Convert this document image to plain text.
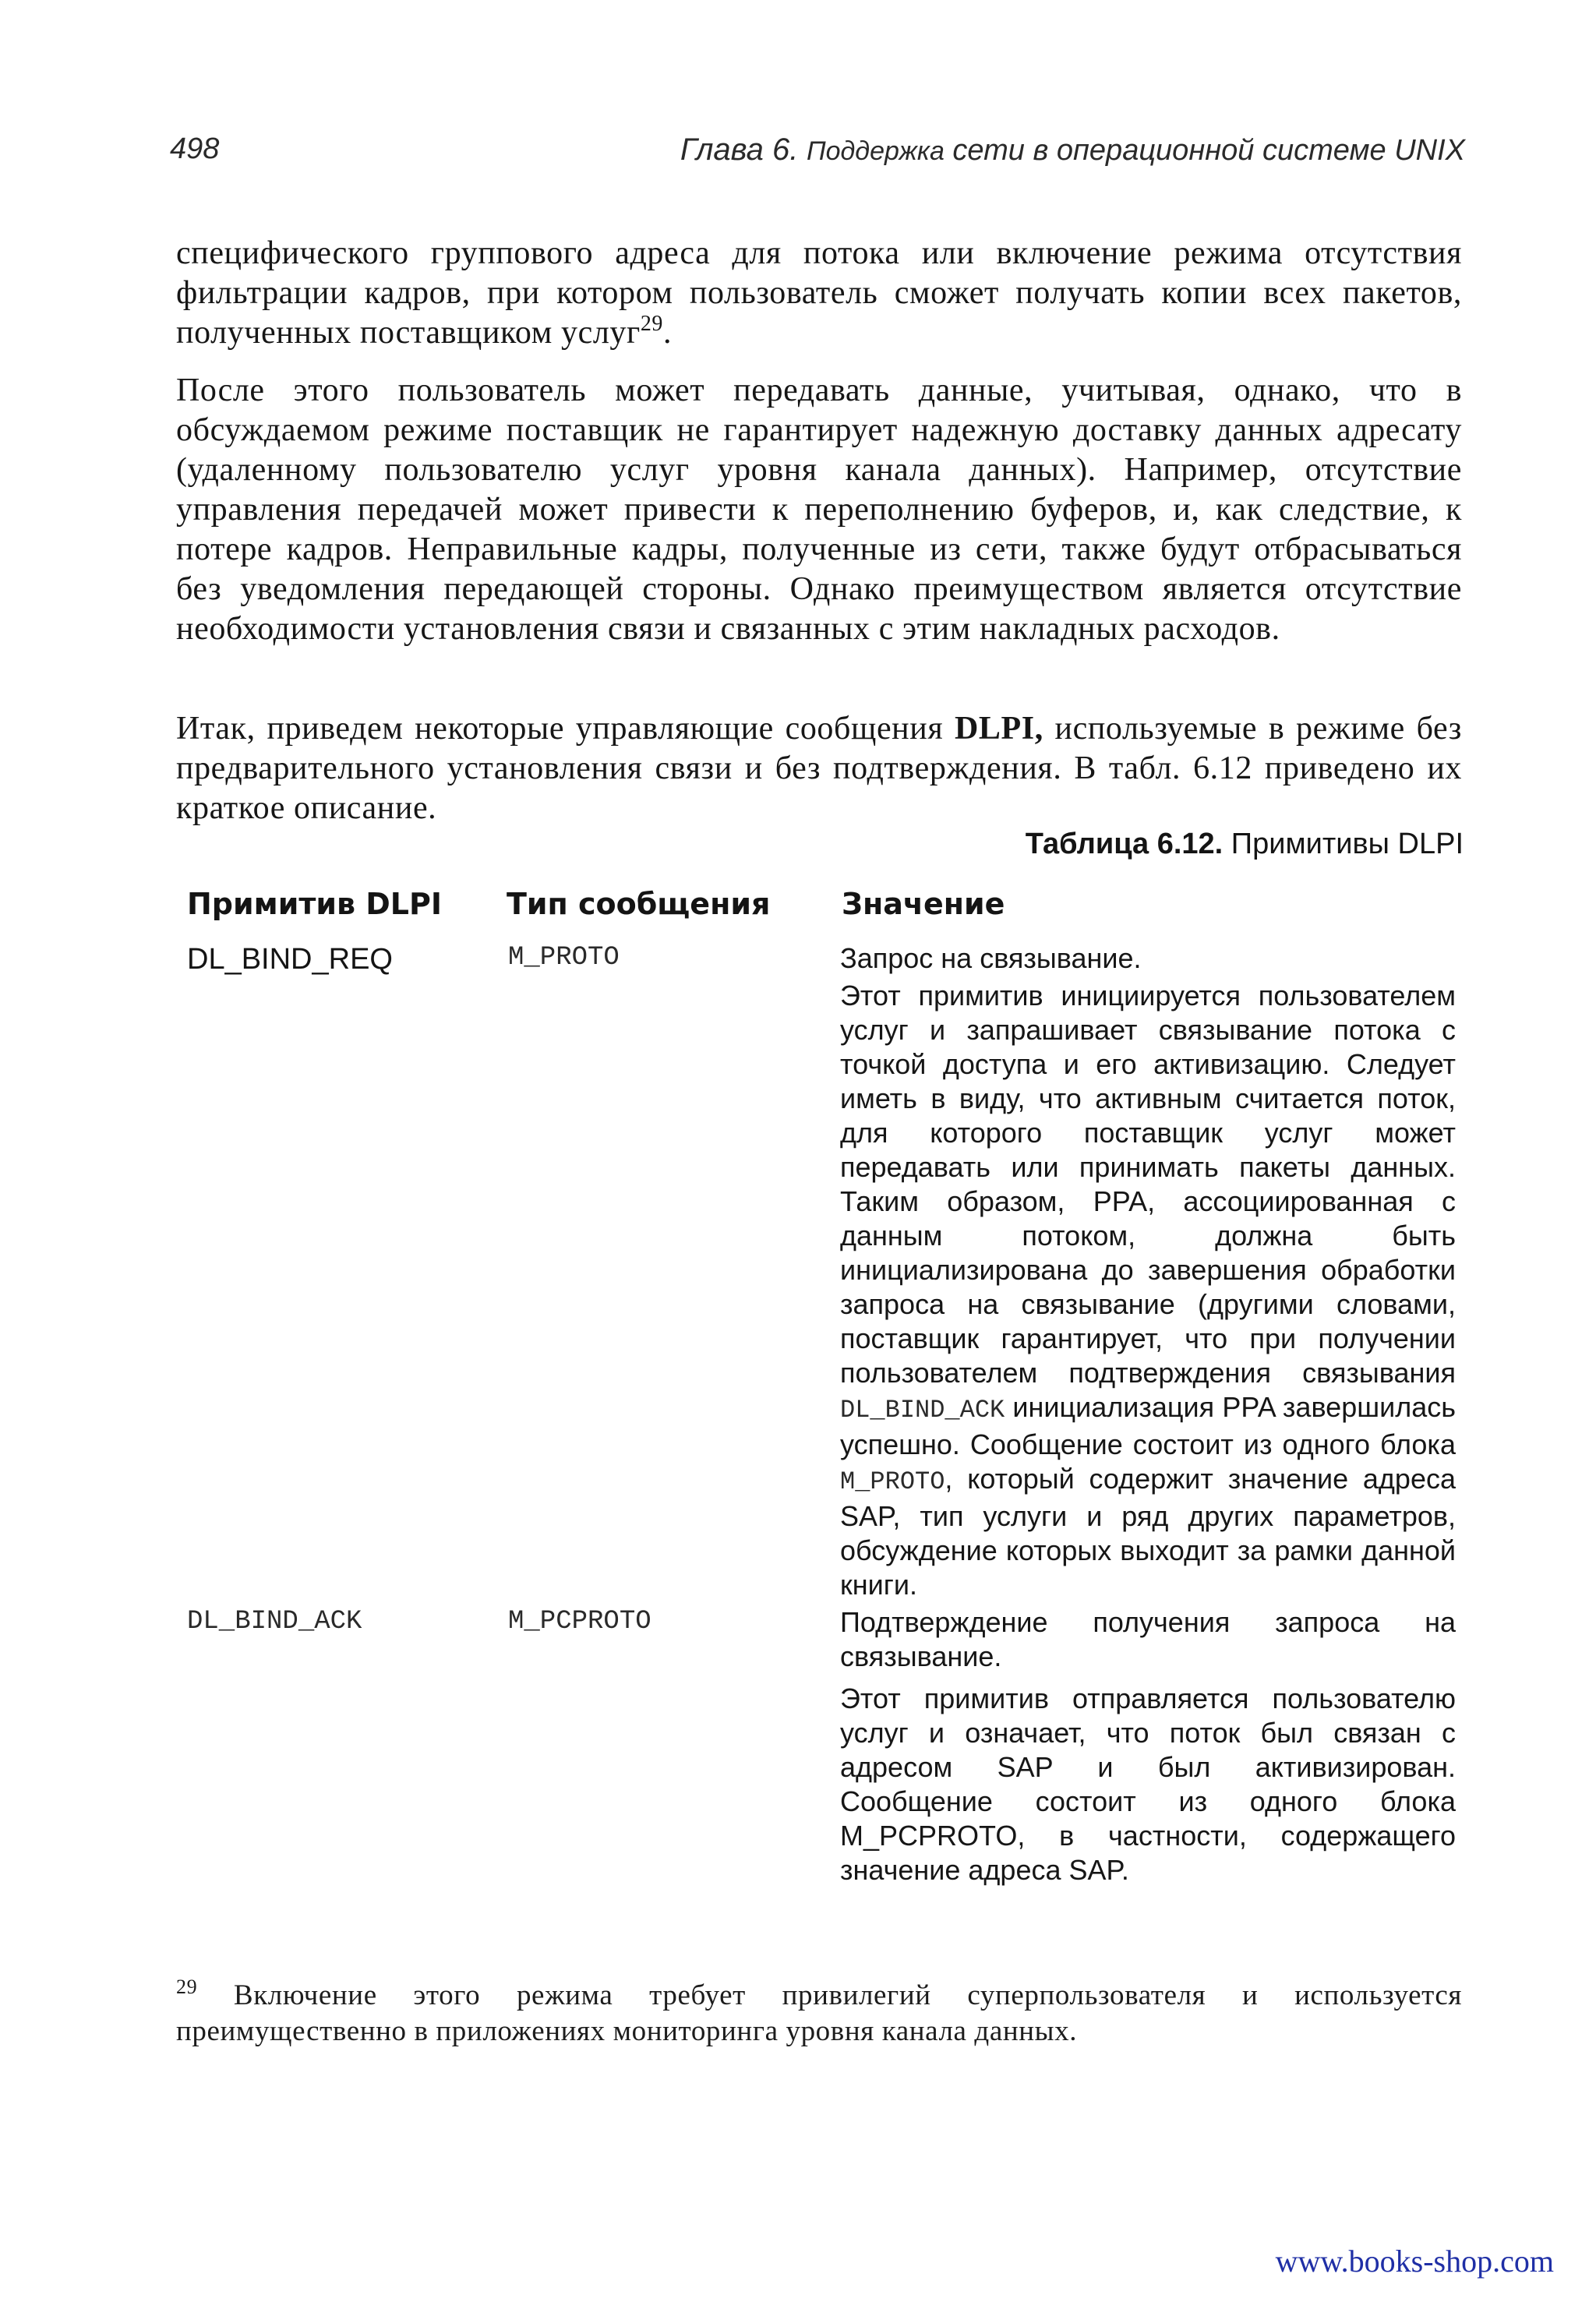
498	Глава 6. Поддержка сети в операционной системе UNIX
специфического группового адреса для потока или включение режима отсутствия фильтрации кадров, при котором пользователь сможет получать копии всех пакетов, полученных поставщиком услуг$^{29}$.
После этого пользователь может передавать данные, учитывая, однако, что в обсуждаемом режиме поставщик не гарантирует надежную доставку данных адресату (удаленному пользователю услуг уровня канала данных). Например, отсутствие управления передачей может привести к переполнению буферов, и, как следствие, к потере кадров. Неправильные кадры, полученные из сети, также будут отбрасываться без уведомления передающей стороны. Однако преимуществом является отсутствие необходимости установления связи и связанных с этим накладных расходов.
Итак, приведем некоторые управляющие сообщения DLPI, используемые в режиме без предварительного установления связи и без подтверждения. В табл. 6.12 приведено их краткое описание.
Таблица 6.12. Примитивы DLPI
Примитив DLPI Тип сообщения Значение
DL_BIND_REQ	M_PROTO	Запрос на связывание.
Этот примитив инициируется пользователем услуг и запрашивает связывание потока с точкой доступа и его активизацию. Следует иметь в виду, что активным считается поток, для которого поставщик услуг может передавать или принимать пакеты данных. Таким образом, PPA, ассоциированная с данным потоком, должна быть инициализирована до завершения обработки запроса на связывание (другими словами, поставщик гарантирует, что при получении пользователем подтверждения связывания DL_BIND_ACK инициализация PPA завершилась успешно. Сообщение состоит из одного блока M_PROTO, который содержит значение адреса SAP, тип услуги и ряд других параметров, обсуждение которых выходит за рамки данной книги.
DL_BIND_ACK	M_PCPROTO	Подтверждение получения запроса на связывание.
Этот примитив отправляется пользователю услуг и означает, что поток был связан с адресом SAP и был активизирован. Сообщение состоит из одного блока M_PCPROTO, в частности, содержащего значение адреса SAP.
$^{29}$ Включение этого режима требует привилегий суперпользователя и используется преимущественно в приложениях мониторинга уровня канала данных.
www.books-shop.com
